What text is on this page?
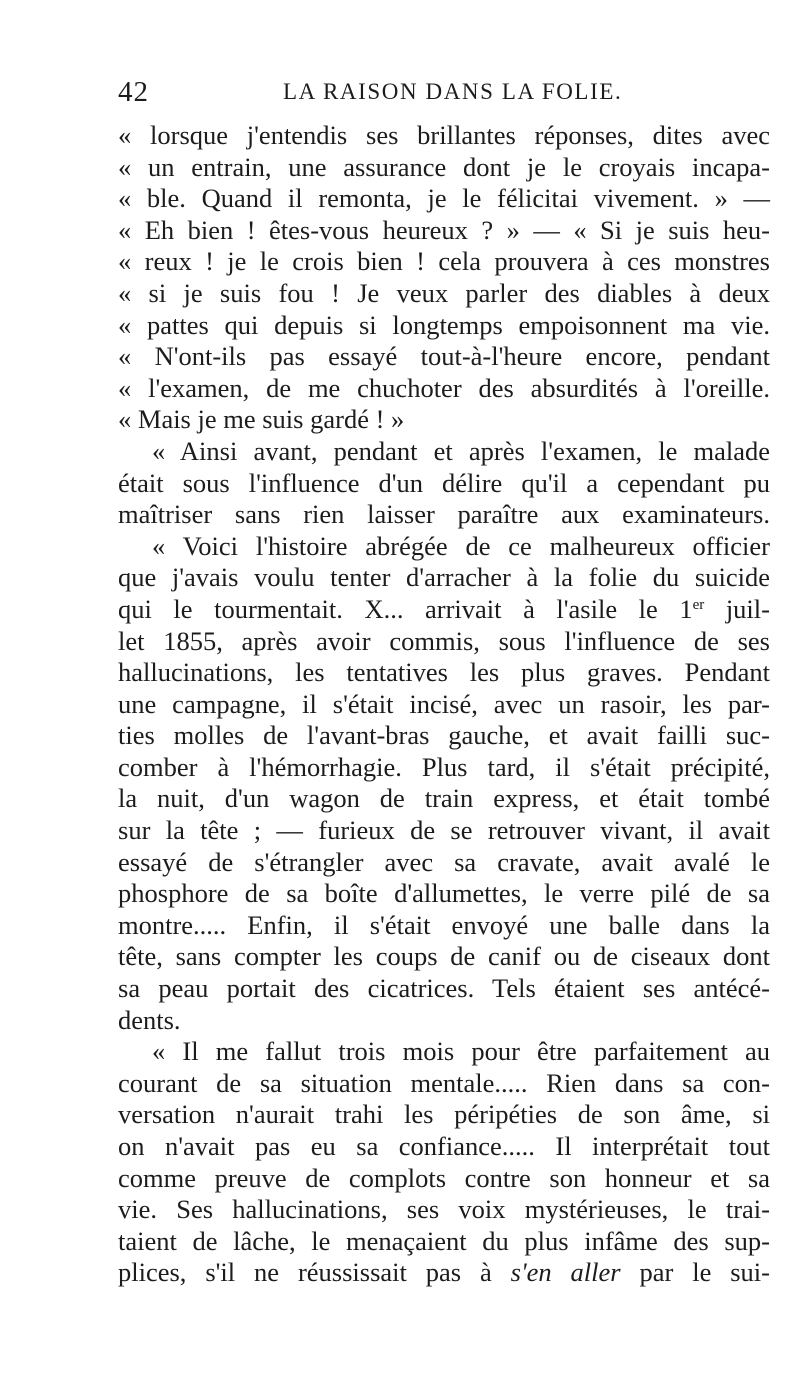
42	LA RAISON DANS LA FOLIE.
« lorsque j'entendis ses brillantes réponses, dites avec
« un entrain, une assurance dont je le croyais incapa-
« ble. Quand il remonta, je le félicitai vivement. » —
« Eh bien ! êtes-vous heureux ? » — « Si je suis heu-
« reux ! je le crois bien ! cela prouvera à ces monstres
« si je suis fou ! Je veux parler des diables à deux
« pattes qui depuis si longtemps empoisonnent ma vie.
« N'ont-ils pas essayé tout-à-l'heure encore, pendant
« l'examen, de me chuchoter des absurdités à l'oreille.
« Mais je me suis gardé ! »
« Ainsi avant, pendant et après l'examen, le malade
était sous l'influence d'un délire qu'il a cependant pu
maîtriser sans rien laisser paraître aux examinateurs.
« Voici l'histoire abrégée de ce malheureux officier
que j'avais voulu tenter d'arracher à la folie du suicide
qui le tourmentait. X... arrivait à l'asile le 1er juil-
let 1855, après avoir commis, sous l'influence de ses
hallucinations, les tentatives les plus graves. Pendant
une campagne, il s'était incisé, avec un rasoir, les par-
ties molles de l'avant-bras gauche, et avait failli suc-
comber à l'hémorrhagie. Plus tard, il s'était précipité,
la nuit, d'un wagon de train express, et était tombé
sur la tête ; — furieux de se retrouver vivant, il avait
essayé de s'étrangler avec sa cravate, avait avalé le
phosphore de sa boîte d'allumettes, le verre pilé de sa
montre..... Enfin, il s'était envoyé une balle dans la
tête, sans compter les coups de canif ou de ciseaux dont
sa peau portait des cicatrices. Tels étaient ses antécé-
dents.
« Il me fallut trois mois pour être parfaitement au
courant de sa situation mentale..... Rien dans sa con-
versation n'aurait trahi les péripéties de son âme, si
on n'avait pas eu sa confiance..... Il interprétait tout
comme preuve de complots contre son honneur et sa
vie. Ses hallucinations, ses voix mystérieuses, le trai-
taient de lâche, le menaçaient du plus infâme des sup-
plices, s'il ne réussissait pas à s'en aller par le sui-
